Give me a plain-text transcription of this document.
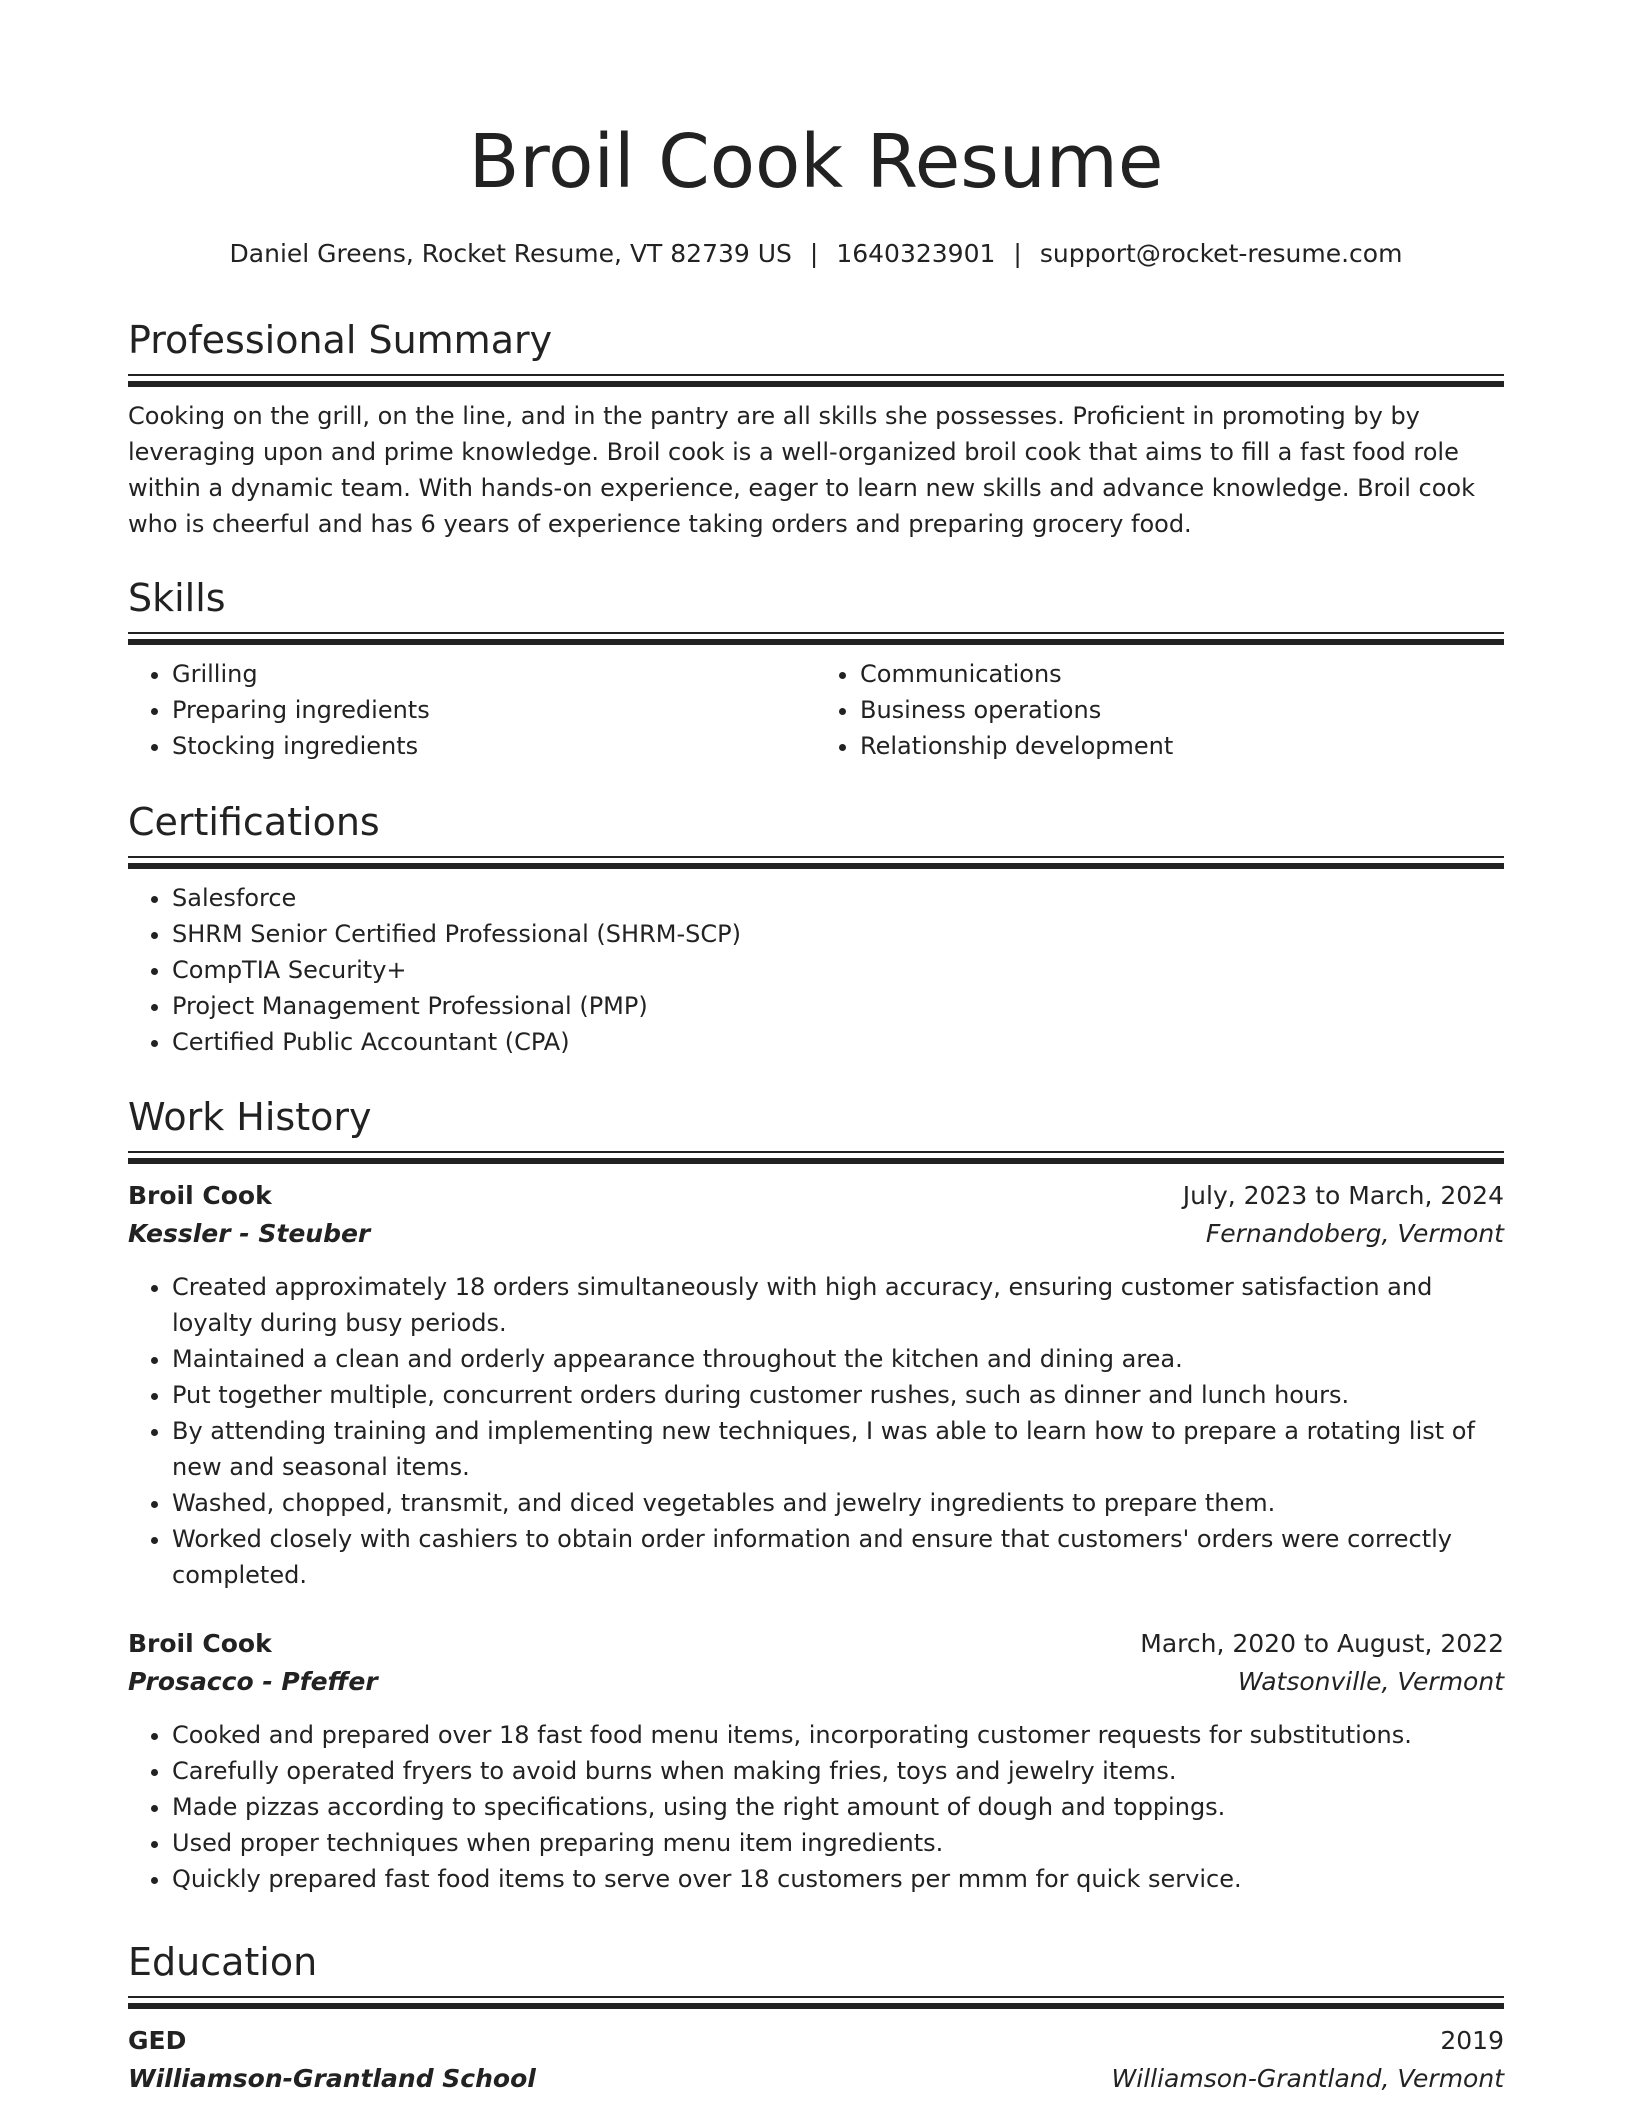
Broil Cook Resume
Daniel Greens, Rocket Resume, VT 82739 US | 1640323901 | support@rocket-resume.com
Professional Summary

Cooking on the grill, on the line, and in the pantry are all skills she possesses. Proficient in promoting by by leveraging upon and prime knowledge. Broil cook is a well-organized broil cook that aims to fill a fast food role within a dynamic team. With hands-on experience, eager to learn new skills and advance knowledge. Broil cook who is cheerful and has 6 years of experience taking orders and preparing grocery food.

Skills
• Grilling
• Preparing ingredients
• Stocking ingredients
• Communications
• Business operations
• Relationship development
Certifications
• Salesforce
• SHRM Senior Certified Professional (SHRM-SCP)
• CompTIA Security+
• Project Management Professional (PMP)
• Certified Public Accountant (CPA)
Work History
Broil Cook	July, 2023 to March, 2024
Kessler - Steuber	Fernandoberg, Vermont
• Created approximately 18 orders simultaneously with high accuracy, ensuring customer satisfaction and loyalty during busy periods.
• Maintained a clean and orderly appearance throughout the kitchen and dining area.
• Put together multiple, concurrent orders during customer rushes, such as dinner and lunch hours.
• By attending training and implementing new techniques, I was able to learn how to prepare a rotating list of new and seasonal items.
• Washed, chopped, transmit, and diced vegetables and jewelry ingredients to prepare them.
• Worked closely with cashiers to obtain order information and ensure that customers' orders were correctly completed.
Broil Cook	March, 2020 to August, 2022
Prosacco - Pfeffer	Watsonville, Vermont
• Cooked and prepared over 18 fast food menu items, incorporating customer requests for substitutions.
• Carefully operated fryers to avoid burns when making fries, toys and jewelry items.
• Made pizzas according to specifications, using the right amount of dough and toppings.
• Used proper techniques when preparing menu item ingredients.
• Quickly prepared fast food items to serve over 18 customers per mmm for quick service.
Education
GED	2019
Williamson-Grantland School	Williamson-Grantland, Vermont
